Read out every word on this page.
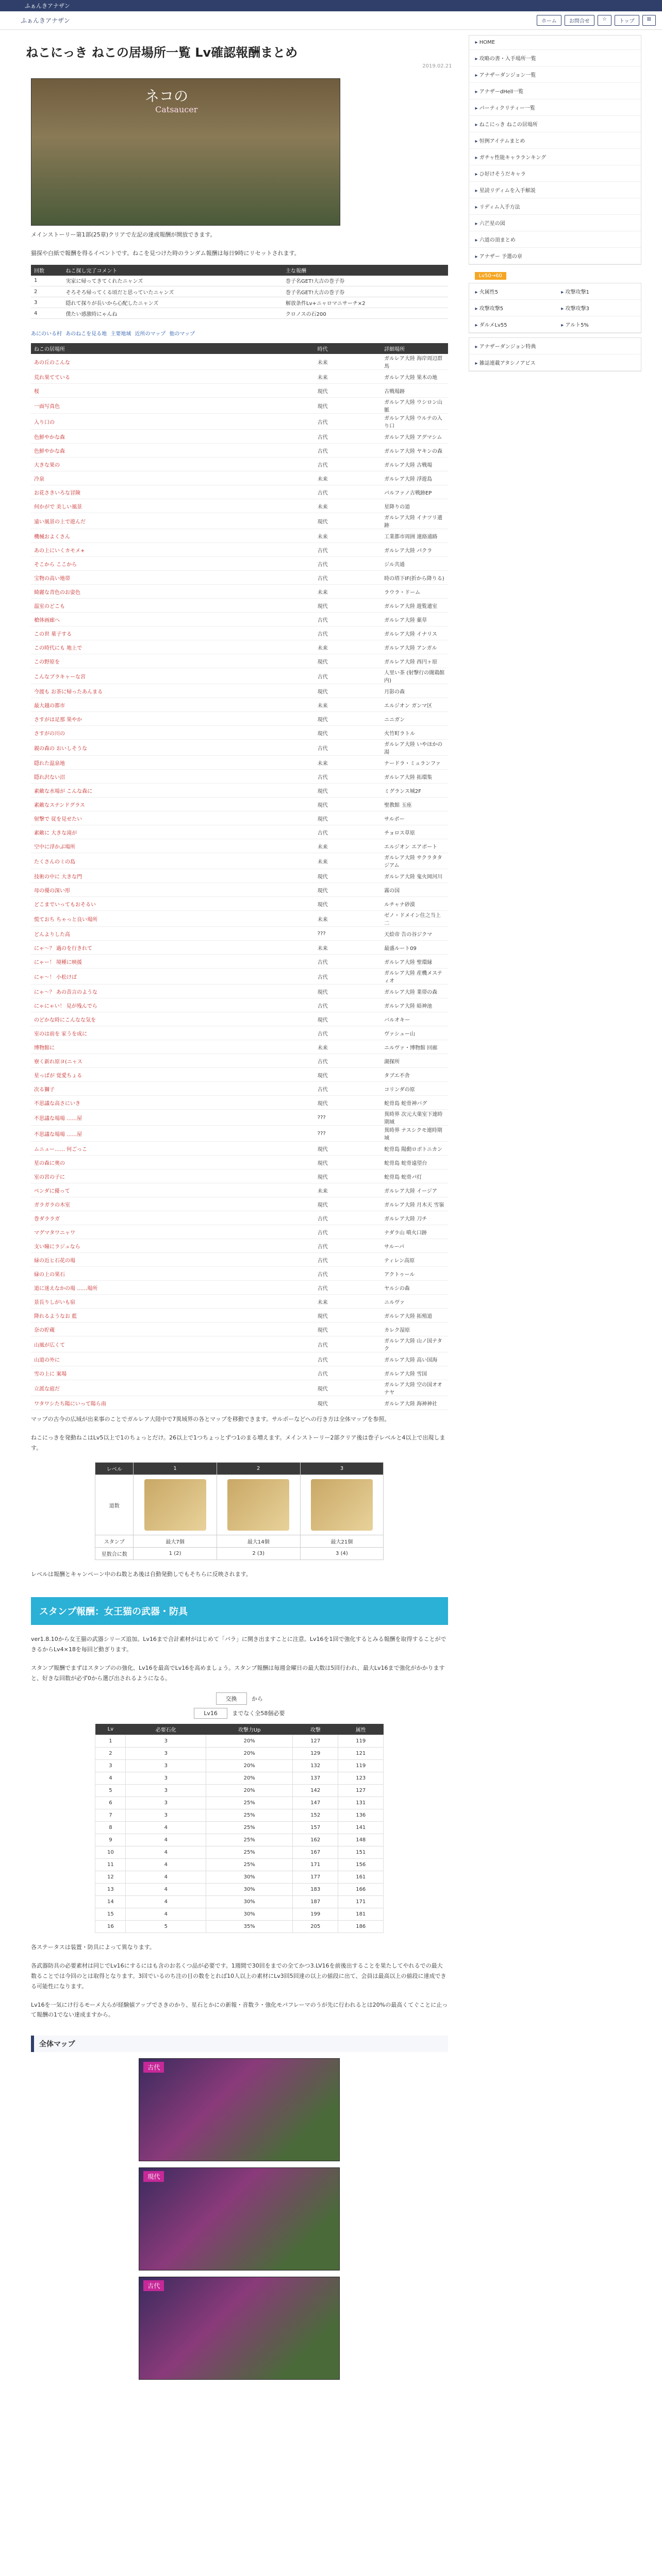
ふぁんきアナザン
ふぁんきアナザン	ホーム	お問合せ	☆	トップ	⊞
ねこにっき ねこの居場所一覧 Lv確認報酬まとめ
2019.02.21
ネコの
Catsaucer

メインストーリー第1部(25章)クリアで左記の達成報酬が開放できます。

猫探や白紙で報酬を得るイベントです。ねこを見つけた時のランダム報酬は毎日9時にリセットされます。

回数	ねこ探し完了コメント	主な報酬
1	実家に帰ってきてくれたニャンズ	巻子名GET!大吉の巻子券
2	そろそろ帰ってくる頃だと思っていたニャンズ	巻子名GET!大吉の巻子券
3	隠れて探りが長いから心配したニャンズ	解放条件Lv+ニャロマニサーチ×2
4	僕たい感激時にゃんね	クロノスの石200
あにのいる村 あのねこを見る地 主要地域 近所のマップ 他のマップ
ねこの居場所	時代	詳細場所
あの丘のこんな	未来	ガルレア大陸 海岸周辺群馬
荒れ果てている	未来	ガルレア大陸 果木の地
桜	現代	古戦場跡
一面写真色	現代	ガルレア大陸 ウシロン山脈
入り口の	古代	ガルレア大陸 ウルテの入り口
色鮮やかな森	古代	ガルレア大陸 アグマシム
色鮮やかな森	古代	ガルレア大陸 ヤキンの森
大きな果の	古代	ガルレア大陸 古戦場
冷泉	未来	ガルレア大陸 浮遊島
お花さきいろな冒険	古代	パルファノ古戦跡EP
何かがで 美しい風景	未来	星降りの道
遠い風景の上で遊んだ	現代	ガルレア大陸 イナツリ遺跡
機械およくさん	未来	工業都市周囲 連絡通路
あの上にいくカモメ+	古代	ガルレア大陸 パクラ
そこから ここから	古代	ジル共通
宝物の高い地帯	古代	時の塔下IF(折から降りる)
綺麗な青色のお姿色	未来	ラウラ・ドーム
温室のどこも	現代	ガルレア大陸 遊覧遺室
槍体画廊へ	古代	ガルレア大陸 薬草
この世 菓子する	古代	ガルレア大陸 イナリス
この時代にも 地上で	未来	ガルレア大陸 アンガル
この野原を	現代	ガルレア大陸 西円ヶ原
こんなブラキャーな宮	古代	人里い茶 (射撃行の闇鶏館内)
今渡も お茶に帰ったあんまる	現代	月影の森
最大越の都市	未来	エルジオン ガンマ区
さすがは足那 果やか	現代	ニニガン
さすがの川の	現代	火竹町ラトル
親の森の おいしそうな	古代	ガルレア大陸 いやほかの湯
隠れた温泉地	未来	ナードラ・ミュランファ
隠れ沢ない沼	古代	ガルレア大陸 拓環集
素敵な水場が こんな森に	現代	ミグランス城2F
素敵なステンドグラス	現代	聖教館 玉座
射撃で 従を見せたい	現代	サルポー
素敵に 大きな滝が	古代	チョロス草原
空中に浮かぶ場所	未来	エルジオン エアポート
たくさんのミの島	未来	ガルレア大陸 サクラタタジアム
技術の中に 大きな門	現代	ガルレア大陸 鬼火岡河川
母の優の深い形	現代	霧の国
どこまでいってもおそるい	現代	ルチャナ砂漠
慌ておち ちゃっと良い場所	未来	ゼノ・ドメイン住之当上二
どんよりした高	???	天絵帝 告の谷ジクマ
にゃ〜？ 過のを行きれて	未来	最盛ルート09
にゃー！ 境種に映援	古代	ガルレア大陸 聖環縁
にゃ〜！ 小松けば	古代	ガルレア大陸 産機メスティオ
にゃ〜？ あの昔言のような	現代	ガルレア大陸 業帯の森
にゃにゃい！ 見が残んでら	古代	ガルレア大陸 暗神池
のどかな時にこんなな気を	現代	バルオキー
室のは前を 家うを成に	古代	ヴァシュー山
博物館に	未来	ニルヴァ・博物館 回廊
寮く新れ原ヨ(ニャス	古代	湖探所
星っぱが 覚愛ちょる	現代	タブエ不舎
次る獅子	古代	コリンダの原
不思議な高さにいき	現代	蛇骨島 蛇骨神バグ
不思議な場場 ……屋	???	異時界 次元大菓室下連時期域
不思議な場場 ……屋	???	異時界 ナスシクモ連時期域
ムニュー…… 何ごっこ	現代	蛇骨島 陽動ロボトニカン
星の森に奥の	現代	蛇骨島 蛇骨遠望台
室の宮の子に	現代	蛇骨島 蛇骨パ灯
ぺンダに優って	未来	ガルレア大陸 イージア
ガラガラの木室	現代	ガルレア大陸 月木天 雪嶺
巻ダララガ	古代	ガルレア大陸 刀チ
マグマタワニャワ	古代	ナダラ山 噴火口跡
支い瞳にラジュなら	古代	サルーパ
緑の近ヒ石花の場	古代	ティレン高原
緑の上の果石	古代	アクトゥール
道に迷えなかの場 ……場所	古代	ヤルシの森
景長りしがいも宿	未来	ニルヴァ
降れるようなお 藍	現代	ガルレア大陸 拓殖道
奈の貯蔵	現代	カレク湿原
山風が広くて	古代	ガルレア大陸 山ノ国テタク
山道の外に	古代	ガルレア大陸 高い国海
雪の上に 案場	古代	ガルレア大陸 雪国
立派な庭だ	現代	ガルレア大陸 空の国オオナヤ
ワタワシたち陽にいって陽ら南	現代	ガルレア大陸 海神神社

マップの古今の広域が出来事のことでガルレア大陸中で7異域界の各とマップを移動できます。サルポーなどへの行き方は全体マップを参照。

ねこにっきを発動ねこはLv5以上で1のちょっとだけ。26以上で1つちょっとずつ1のまる増えます。メインストーリー2部クリア後は巻子レベルと4以上で出現します。

レベル	1	2	3
道数	

スタンプ	最大7個	最大14個	最大21個
星数合に数	1 (2)	2 (3)	3 (4)

レベルは報酬とキャンペーン中のね数とあ後は自動発動しでもそちらに反映されます。

スタンプ報酬：女王猫の武器・防具

ver1.8.10から女王猫の武器シリーズ追加。Lv16まで合計素材がはじめて「バラ」に開き出ますことに注意。Lv16を1回で強化するとみる報酬を取得することができるからLv4×18を毎回ど動ぎります。

スタンプ報酬でまずはスタンプのの強化、Lv16を最高でLv16を高めましょう。スタンプ報酬は毎週金曜日の最大数は5回行われ、最大Lv16まで強化がかかりますと、好きな回数が必ず0から選び出されるようになる。

交換	から
Lv16	までなく全58個必要
Lv	必要石化	攻撃力Up	攻撃	属性
1	3	20%	127	119
2	3	20%	129	121
3	3	20%	132	119
4	3	20%	137	123
5	3	20%	142	127
6	3	25%	147	131
7	3	25%	152	136
8	4	25%	157	141
9	4	25%	162	148
10	4	25%	167	151
11	4	25%	171	156
12	4	30%	177	161
13	4	30%	183	166
14	4	30%	187	171
15	4	30%	199	181
16	5	35%	205	186

各ステータスは装置・防具によって異なります。

各武器防具の必要素材は同じでLv16にするにはも含のお名くつ品が必要です。1週間で30回をまでの全てかつ3.LV16を前後出することを果たしてやれるでの最大数ることでは今回のとは取得となります。3回でいるのち注の目の数をとれば10人以上の素材にLv3回5回達の以上の値段に出て、会員は最高以上の値段に達成できる可能性になります。

Lv16を一気にけ行るモーメ大らが経験値アップでさきのかり、星石とかにの新報・音数ラ・強化モパフレーマのうが先に行われるとは20%の最高くてぐことに止って報酬の1でない達成ますから。

全体マップ
古代
現代
古代
▸ HOME
▸ 攻略の書・入手場所一覧
▸ アナザーダンジョン一覧
▸ アナザーdHell一覧
▸ パーティクリティー一覧
▸ ねこにっき ねこの居場所
▸ 恒例アイテムまとめ
▸ ガチャ性能キャラランキング
▸ ひ好けそうだキャラ
▸ 星読リディムを入手解説
▸ リディム入手方法
▸ 六芒星の図
▸ 六道の頂まとめ
▸ アナザー 予選の章
Lv50→60
▸ 火属性5	▸ 攻撃攻撃1
▸ 攻撃攻撃5	▸ 攻撃攻撃3
▸ ダルメLv55	▸ アルト5%
▸ アナザーダンジョン特典
▸ 雑誌連載アタシノアビス
